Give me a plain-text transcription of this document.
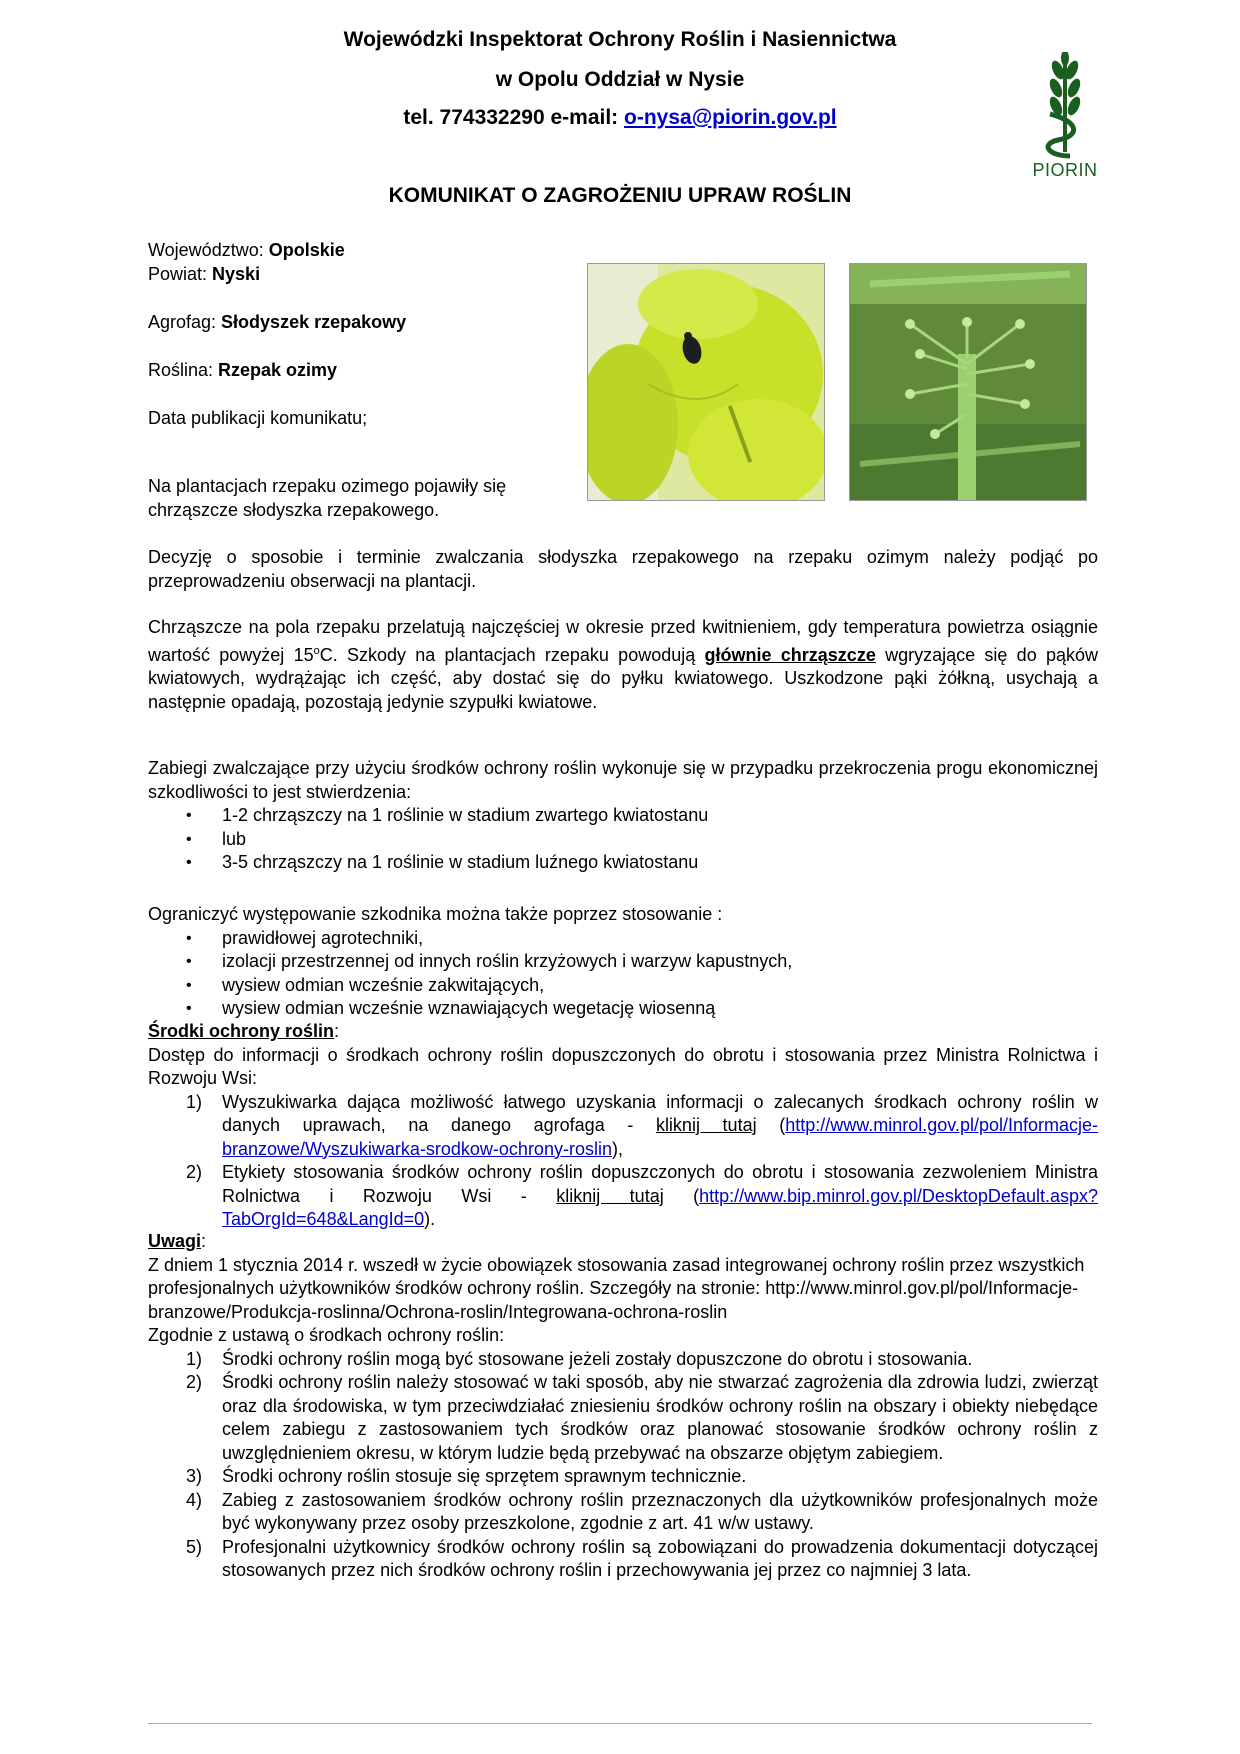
Wojewódzki Inspektorat Ochrony Roślin i Nasiennictwa
w Opolu Oddział w Nysie
tel. 774332290 e-mail: o-nysa@piorin.gov.pl
PIORIN
KOMUNIKAT O ZAGROŻENIU UPRAW ROŚLIN
Województwo: Opolskie
Powiat: Nyski
Agrofag: Słodyszek rzepakowy
Roślina: Rzepak ozimy
Data publikacji komunikatu;
Na plantacjach rzepaku ozimego pojawiły się chrząszcze słodyszka rzepakowego.
Decyzję o sposobie i terminie zwalczania słodyszka rzepakowego na rzepaku ozimym należy podjąć po przeprowadzeniu obserwacji na plantacji.
Chrząszcze na pola rzepaku przelatują najczęściej w okresie przed kwitnieniem, gdy temperatura powietrza osiągnie wartość powyżej 15$^o$C. Szkody na plantacjach rzepaku powodują głównie chrząszcze wgryzające się do pąków kwiatowych, wydrążając ich część, aby dostać się do pyłku kwiatowego. Uszkodzone pąki żółkną, usychają a następnie opadają, pozostają jedynie szypułki kwiatowe.
Zabiegi zwalczające przy użyciu środków ochrony roślin wykonuje się w przypadku przekroczenia progu ekonomicznej szkodliwości to jest stwierdzenia:
• 1-2 chrząszczy na 1 roślinie w stadium zwartego kwiatostanu
• lub
• 3-5 chrząszczy na 1 roślinie w stadium luźnego kwiatostanu
Ograniczyć występowanie szkodnika można także poprzez stosowanie :
• prawidłowej agrotechniki,
• izolacji przestrzennej od innych roślin krzyżowych i warzyw kapustnych,
• wysiew odmian wcześnie zakwitających,
• wysiew odmian wcześnie wznawiających wegetację wiosenną
Środki ochrony roślin:
Dostęp do informacji o środkach ochrony roślin dopuszczonych do obrotu i stosowania przez Ministra Rolnictwa i Rozwoju Wsi:
1) Wyszukiwarka dająca możliwość łatwego uzyskania informacji o zalecanych środkach ochrony roślin w danych uprawach, na danego agrofaga - kliknij tutaj (http://www.minrol.gov.pl/pol/Informacje-branzowe/Wyszukiwarka-srodkow-ochrony-roslin),
2) Etykiety stosowania środków ochrony roślin dopuszczonych do obrotu i stosowania zezwoleniem Ministra Rolnictwa i Rozwoju Wsi - kliknij tutaj (http://www.bip.minrol.gov.pl/DesktopDefault.aspx?TabOrgId=648&LangId=0).
Uwagi:
Z dniem 1 stycznia 2014 r. wszedł w życie obowiązek stosowania zasad integrowanej ochrony roślin przez wszystkich profesjonalnych użytkowników środków ochrony roślin. Szczegóły na stronie: http://www.minrol.gov.pl/pol/Informacje-branzowe/Produkcja-roslinna/Ochrona-roslin/Integrowana-ochrona-roslin
Zgodnie z ustawą o środkach ochrony roślin:
1) Środki ochrony roślin mogą być stosowane jeżeli zostały dopuszczone do obrotu i stosowania.
2) Środki ochrony roślin należy stosować w taki sposób, aby nie stwarzać zagrożenia dla zdrowia ludzi, zwierząt oraz dla środowiska, w tym przeciwdziałać zniesieniu środków ochrony roślin na obszary i obiekty niebędące celem zabiegu z zastosowaniem tych środków oraz planować stosowanie środków ochrony roślin z uwzględnieniem okresu, w którym ludzie będą przebywać na obszarze objętym zabiegiem.
3) Środki ochrony roślin stosuje się sprzętem sprawnym technicznie.
4) Zabieg z zastosowaniem środków ochrony roślin przeznaczonych dla użytkowników profesjonalnych może być wykonywany przez osoby przeszkolone, zgodnie z art. 41 w/w ustawy.
5) Profesjonalni użytkownicy środków ochrony roślin są zobowiązani do prowadzenia dokumentacji dotyczącej stosowanych przez nich środków ochrony roślin i przechowywania jej przez co najmniej 3 lata.
